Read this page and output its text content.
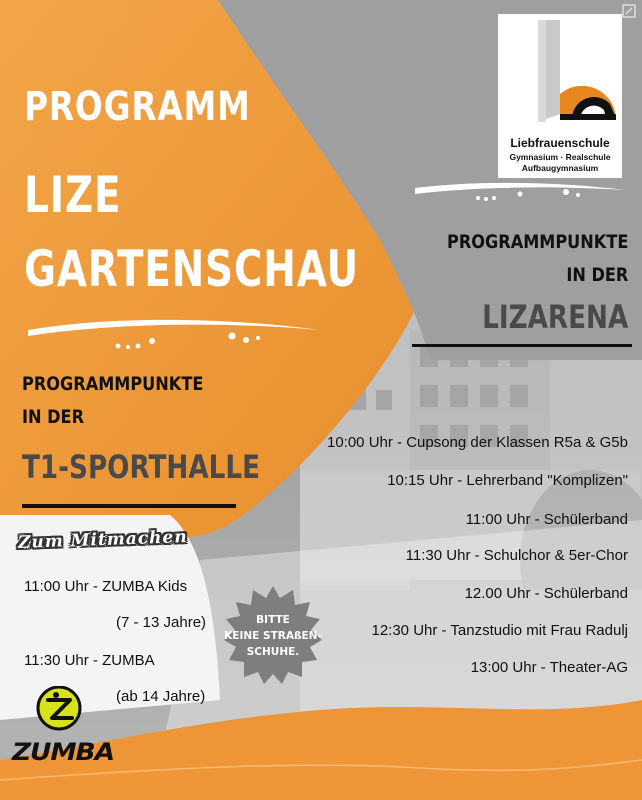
PROGRAMM
LIZE
GARTENSCHAU
Liebfrauenschule
Gymnasium · Realschule
Aufbaugymnasium
PROGRAMMPUNKTE
IN DER
LIZARENA
PROGRAMMPUNKTE
IN DER
T1-SPORTHALLE
10:00 Uhr - Cupsong der Klassen R5a & G5b
10:15 Uhr - Lehrerband "Komplizen"
11:00 Uhr - Schülerband
11:30 Uhr - Schulchor & 5er-Chor
12.00 Uhr - Schülerband
12:30 Uhr - Tanzstudio mit Frau Radulj
13:00 Uhr - Theater-AG
Zum Mitmachen
11:00 Uhr - ZUMBA Kids
(7 - 13 Jahre)
11:30 Uhr - ZUMBA
(ab 14 Jahre)
BITTE
KEINE STRAßEN-
SCHUHE.
ZUMBA
